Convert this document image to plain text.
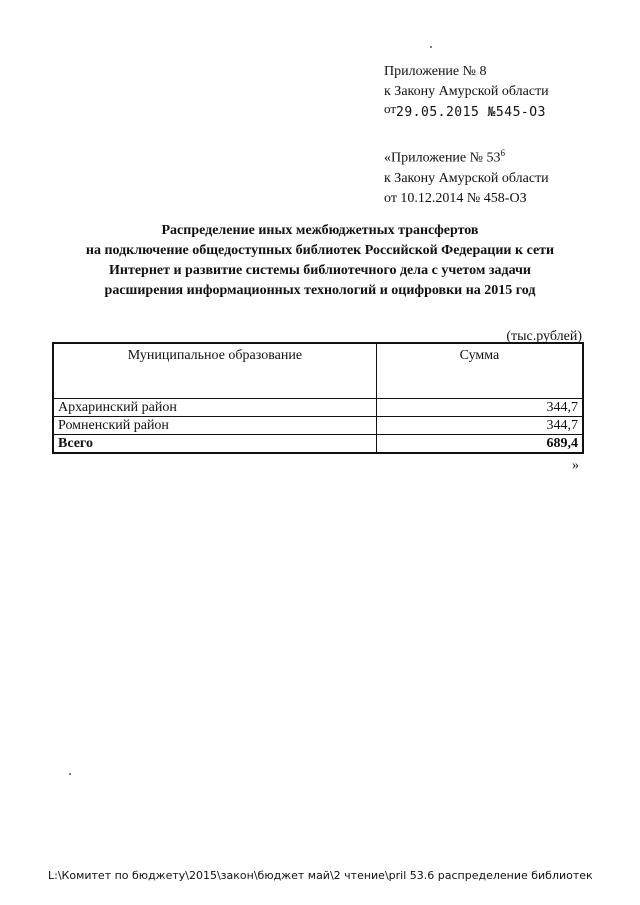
Приложение № 8
к Закону Амурской области
от29.05.2015 №545-ОЗ
«Приложение № $53^6$
к Закону Амурской области
от 10.12.2014 № 458-ОЗ
Распределение иных межбюджетных трансфертов
на подключение общедоступных библиотек Российской Федерации к сети
Интернет и развитие системы библиотечного дела с учетом задачи
расширения информационных технологий и оцифровки на 2015 год
(тыс.рублей)
Муниципальное образование	Сумма
Архаринский район	344,7
Ромненский район	344,7
Всего	689,4
»
L:\Комитет по бюджету\2015\закон\бюджет май\2 чтение\pril 53.6 распределение библиотек
